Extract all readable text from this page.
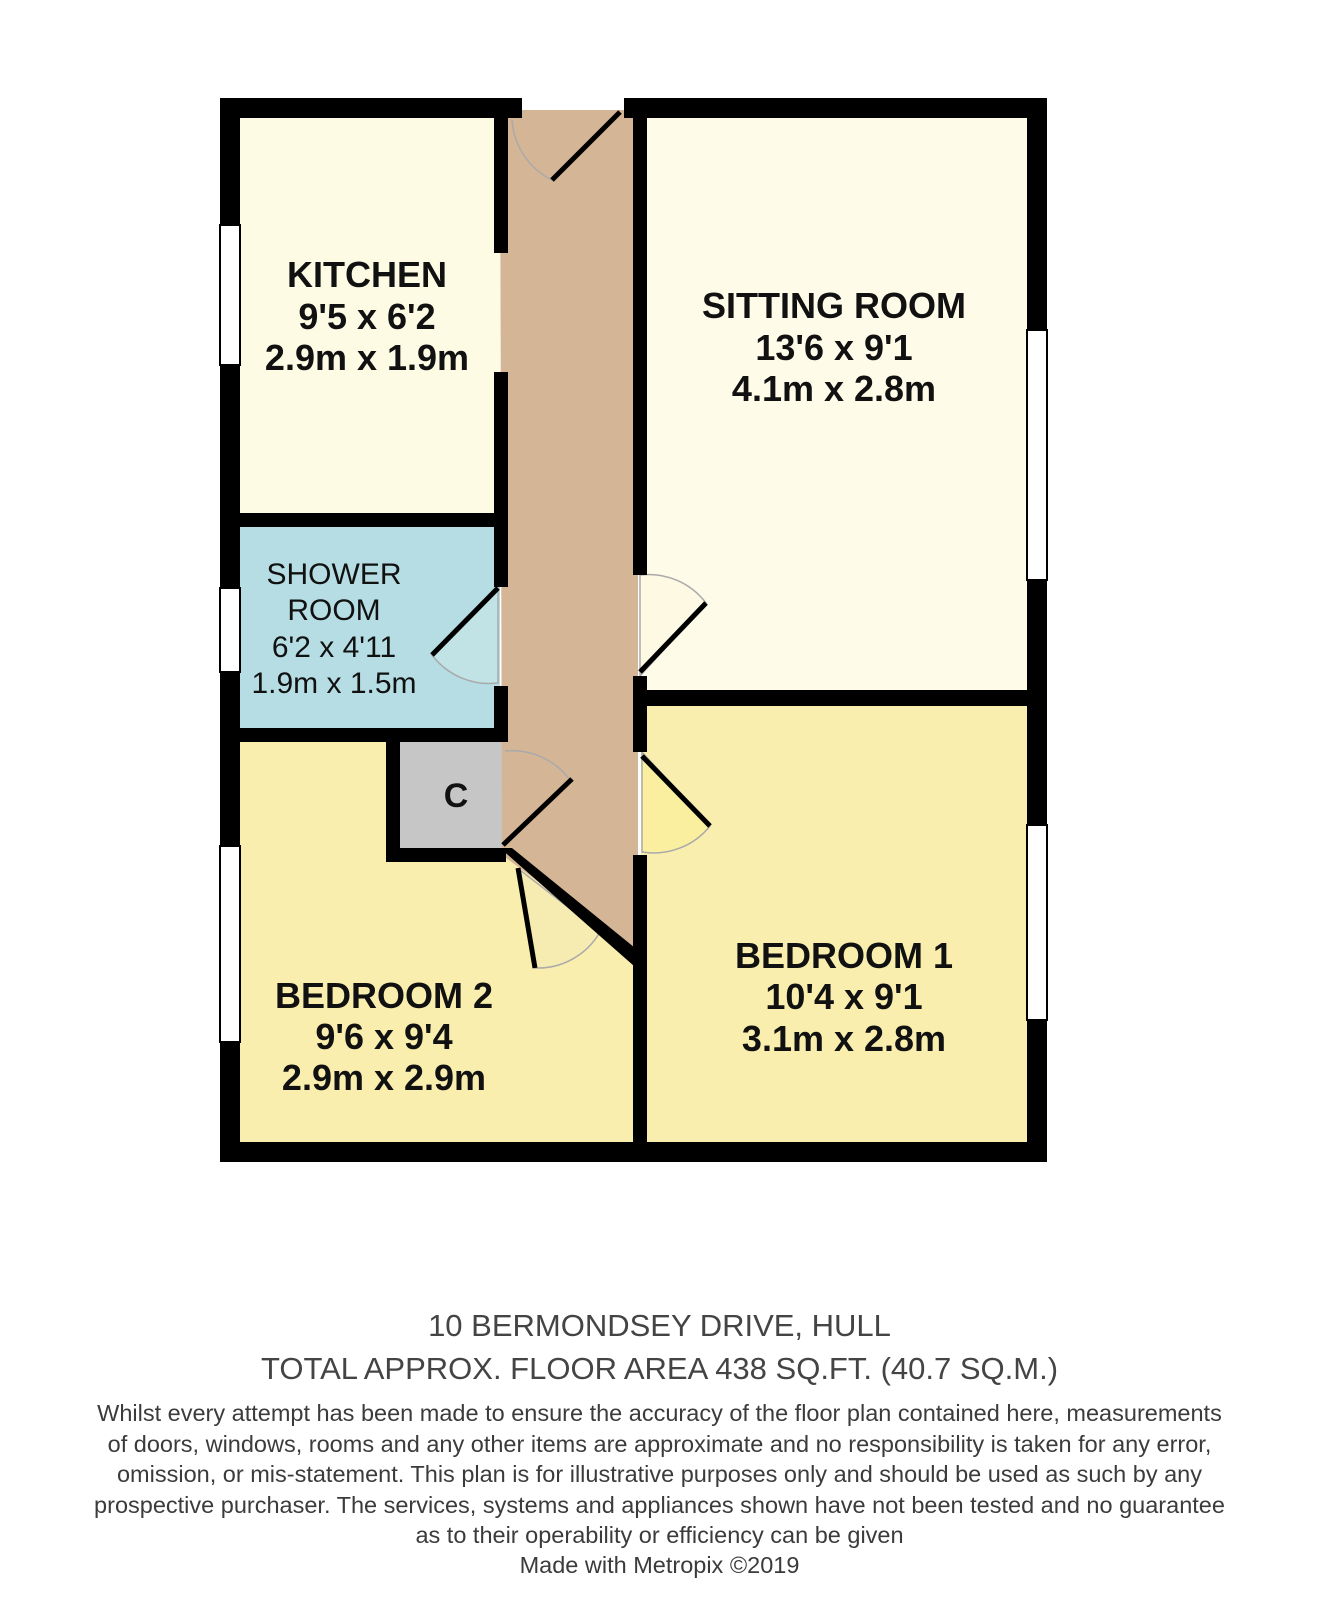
KITCHEN
9'5 x 6'2
2.9m x 1.9m
SITTING ROOM
13'6 x 9'1
4.1m x 2.8m
SHOWER
ROOM
6'2 x 4'11
1.9m x 1.5m
C
BEDROOM 1
10'4 x 9'1
3.1m x 2.8m
BEDROOM 2
9'6 x 9'4
2.9m x 2.9m
10 BERMONDSEY DRIVE, HULL
TOTAL APPROX. FLOOR AREA 438 SQ.FT. (40.7 SQ.M.)
Whilst every attempt has been made to ensure the accuracy of the floor plan contained here, measurements
of doors, windows, rooms and any other items are approximate and no responsibility is taken for any error,
omission, or mis-statement. This plan is for illustrative purposes only and should be used as such by any
prospective purchaser. The services, systems and appliances shown have not been tested and no guarantee
as to their operability or efficiency can be given
Made with Metropix ©2019
